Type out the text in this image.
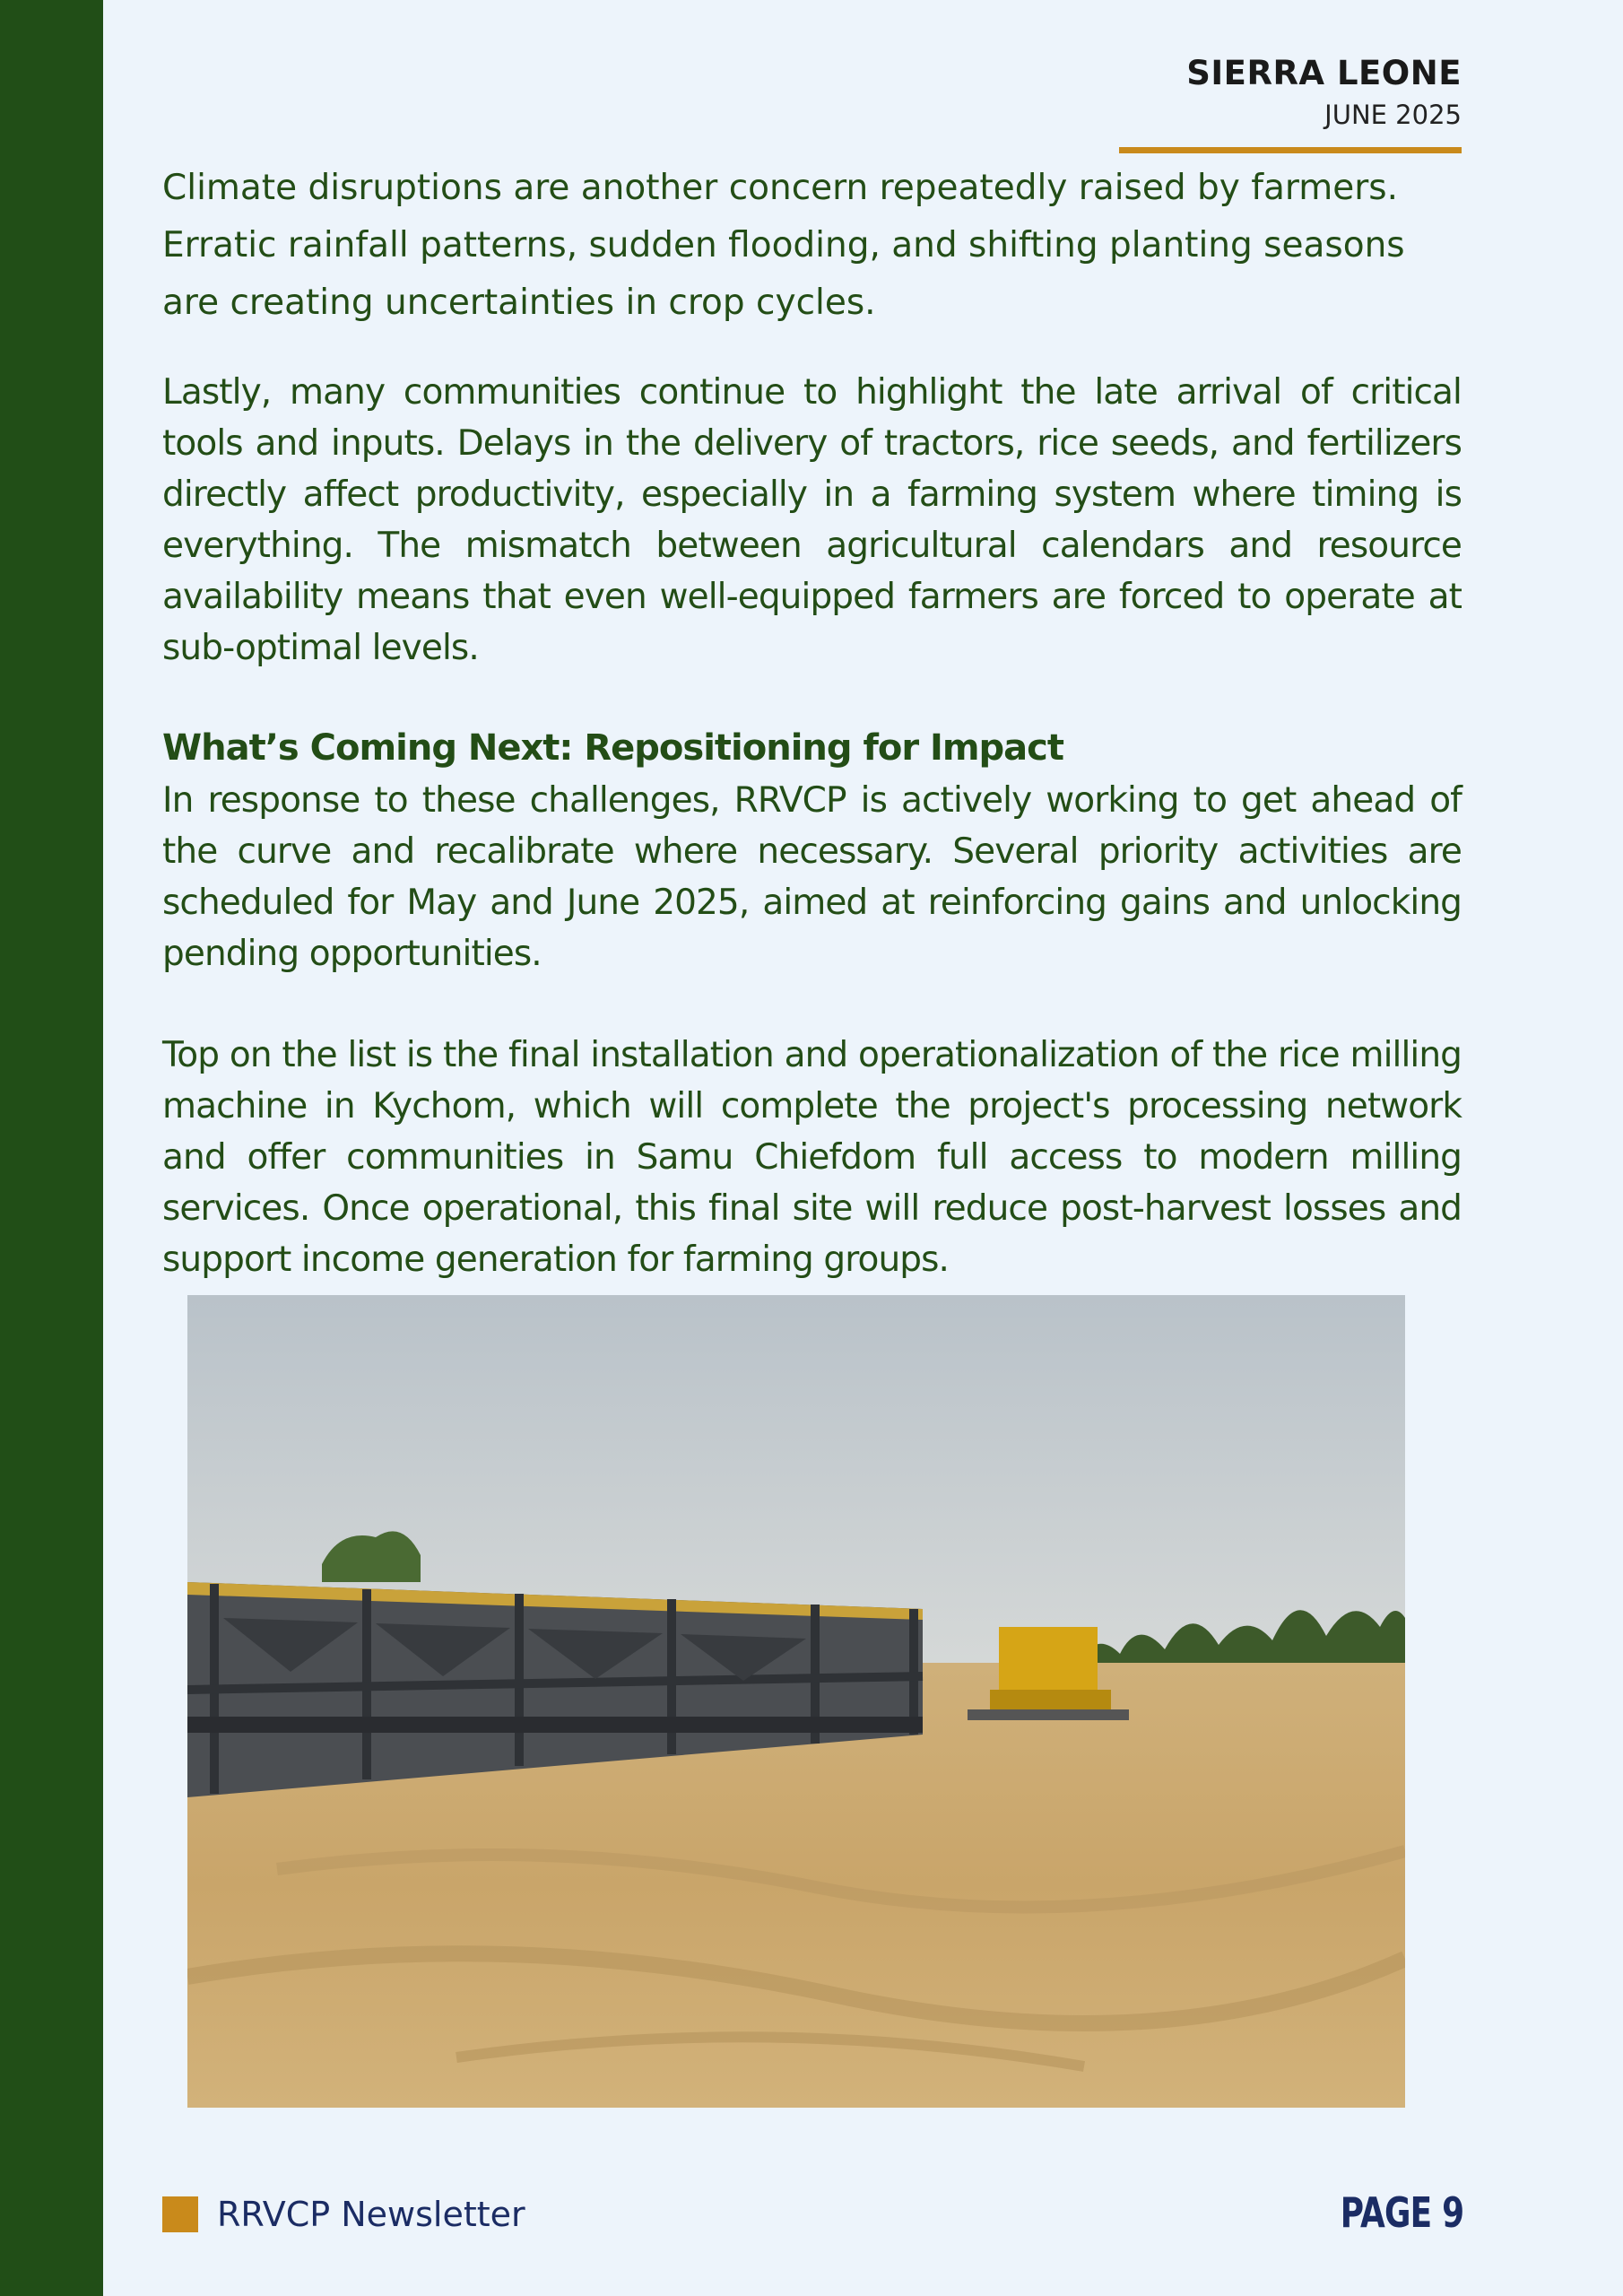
SIERRA LEONE
JUNE 2025
Climate disruptions are another concern repeatedly raised by farmers. Erratic rainfall patterns, sudden flooding, and shifting planting seasons are creating uncertainties in crop cycles.
Lastly, many communities continue to highlight the late arrival of critical tools and inputs. Delays in the delivery of tractors, rice seeds, and fertilizers directly affect productivity, especially in a farming system where timing is everything. The mismatch between agricultural calendars and resource availability means that even well-equipped farmers are forced to operate at sub-optimal levels.
What’s Coming Next: Repositioning for Impact
In response to these challenges, RRVCP is actively working to get ahead of the curve and recalibrate where necessary. Several priority activities are scheduled for May and June 2025, aimed at reinforcing gains and unlocking pending opportunities.
Top on the list is the final installation and operationalization of the rice milling machine in Kychom, which will complete the project's processing network and offer communities in Samu Chiefdom full access to modern milling services. Once operational, this final site will reduce post-harvest losses and support income generation for farming groups.
RRVCP Newsletter	PAGE 9
